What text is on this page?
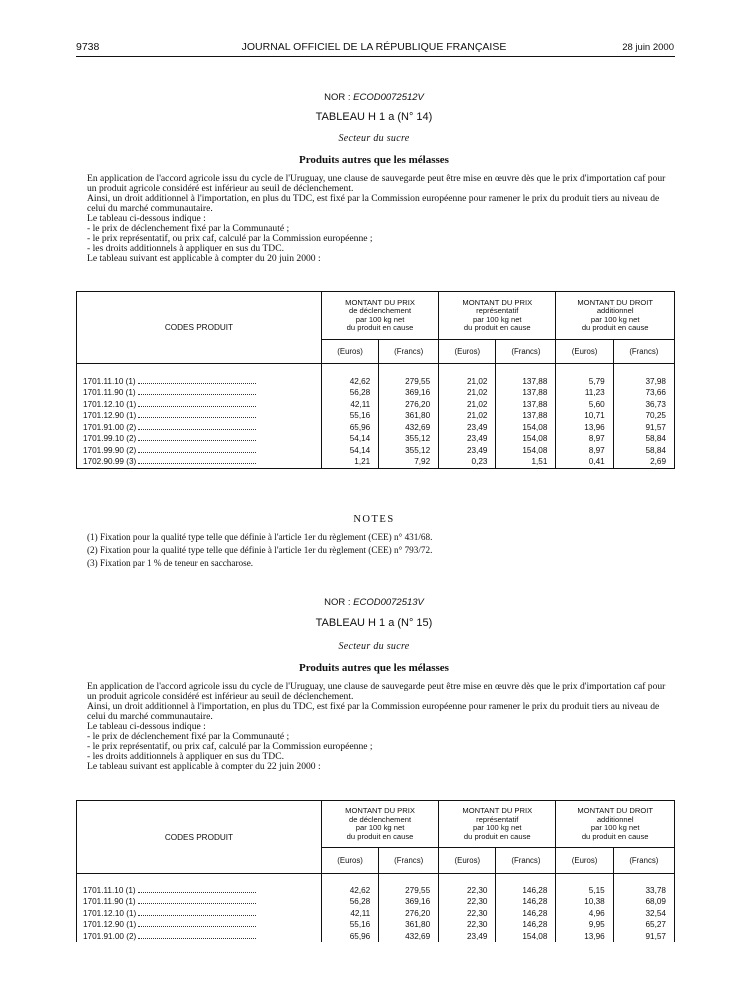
9738	JOURNAL OFFICIEL DE LA RÉPUBLIQUE FRANÇAISE	28 juin 2000
NOR : ECOD0072512V
TABLEAU H 1 a (N° 14)
Secteur du sucre
Produits autres que les mélasses

En application de l'accord agricole issu du cycle de l'Uruguay, une clause de sauvegarde peut être mise en œuvre dès que le prix d'importation caf pour un produit agricole considéré est inférieur au seuil de déclenchement.

Ainsi, un droit additionnel à l'importation, en plus du TDC, est fixé par la Commission européenne pour ramener le prix du produit tiers au niveau de celui du marché communautaire.

Le tableau ci-dessous indique :

- le prix de déclenchement fixé par la Communauté ;

- le prix représentatif, ou prix caf, calculé par la Commission européenne ;

- les droits additionnels à appliquer en sus du TDC.

Le tableau suivant est applicable à compter du 20 juin 2000 :

CODES PRODUIT	MONTANT DU PRIX
de déclenchement
par 100 kg net
du produit en cause		MONTANT DU PRIX
représentatif
par 100 kg net
du produit en cause		MONTANT DU DROIT
additionnel
par 100 kg net
du produit en cause	
	(Euros)	(Francs)	(Euros)	(Francs)	(Euros)	(Francs)

1701.11.10 (1)	42,62	279,55	21,02	137,88	5,79	37,98
1701.11.90 (1)	56,28	369,16	21,02	137,88	11,23	73,66
1701.12.10 (1)	42,11	276,20	21,02	137,88	5,60	36,73
1701.12.90 (1)	55,16	361,80	21,02	137,88	10,71	70,25
1701.91.00 (2)	65,96	432,69	23,49	154,08	13,96	91,57
1701.99.10 (2)	54,14	355,12	23,49	154,08	8,97	58,84
1701.99.90 (2)	54,14	355,12	23,49	154,08	8,97	58,84
1702.90.99 (3)	1,21	7,92	0,23	1,51	0,41	2,69
NOTES
(1) Fixation pour la qualité type telle que définie à l'article 1er du règlement (CEE) n° 431/68.
(2) Fixation pour la qualité type telle que définie à l'article 1er du règlement (CEE) n° 793/72.
(3) Fixation par 1 % de teneur en saccharose.
NOR : ECOD0072513V
TABLEAU H 1 a (N° 15)
Secteur du sucre
Produits autres que les mélasses

En application de l'accord agricole issu du cycle de l'Uruguay, une clause de sauvegarde peut être mise en œuvre dès que le prix d'importation caf pour un produit agricole considéré est inférieur au seuil de déclenchement.

Ainsi, un droit additionnel à l'importation, en plus du TDC, est fixé par la Commission européenne pour ramener le prix du produit tiers au niveau de celui du marché communautaire.

Le tableau ci-dessous indique :

- le prix de déclenchement fixé par la Communauté ;

- le prix représentatif, ou prix caf, calculé par la Commission européenne ;

- les droits additionnels à appliquer en sus du TDC.

Le tableau suivant est applicable à compter du 22 juin 2000 :

CODES PRODUIT	MONTANT DU PRIX
de déclenchement
par 100 kg net
du produit en cause		MONTANT DU PRIX
représentatif
par 100 kg net
du produit en cause		MONTANT DU DROIT
additionnel
par 100 kg net
du produit en cause	
	(Euros)	(Francs)	(Euros)	(Francs)	(Euros)	(Francs)

1701.11.10 (1)	42,62	279,55	22,30	146,28	5,15	33,78
1701.11.90 (1)	56,28	369,16	22,30	146,28	10,38	68,09
1701.12.10 (1)	42,11	276,20	22,30	146,28	4,96	32,54
1701.12.90 (1)	55,16	361,80	22,30	146,28	9,95	65,27
1701.91.00 (2)	65,96	432,69	23,49	154,08	13,96	91,57
